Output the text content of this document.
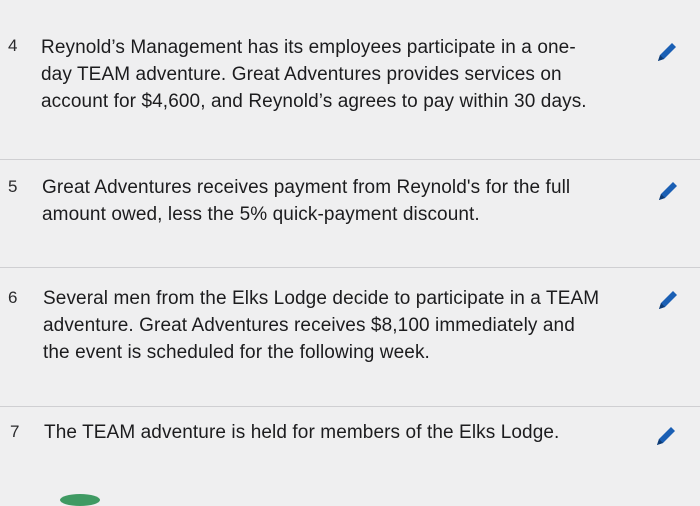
4 Reynold’s Management has its employees participate in a one-day TEAM adventure. Great Adventures provides services on account for $4,600, and Reynold’s agrees to pay within 30 days.
5 Great Adventures receives payment from Reynold's for the full amount owed, less the 5% quick-payment discount.
6 Several men from the Elks Lodge decide to participate in a TEAM adventure. Great Adventures receives $8,100 immediately and the event is scheduled for the following week.
7 The TEAM adventure is held for members of the Elks Lodge.
